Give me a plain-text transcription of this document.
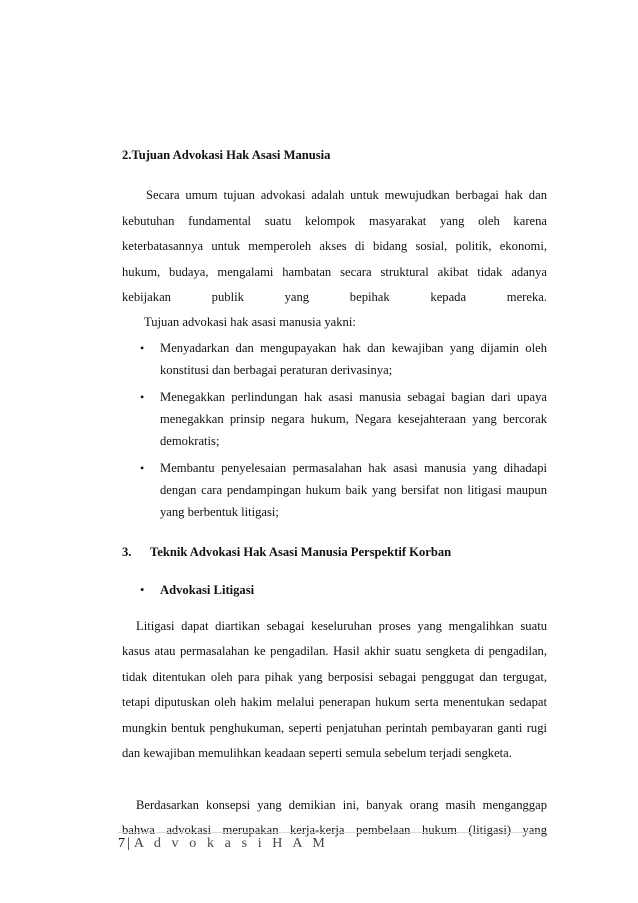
2.Tujuan Advokasi Hak Asasi Manusia

Secara umum tujuan advokasi adalah untuk mewujudkan berbagai hak dan kebutuhan fundamental suatu kelompok masyarakat yang oleh karena keterbatasannya untuk memperoleh akses di bidang sosial, politik, ekonomi, hukum, budaya, mengalami hambatan secara struktural akibat tidak adanya kebijakan publik yang bepihak kepada mereka.

Tujuan advokasi hak asasi manusia yakni:

• Menyadarkan dan mengupayakan hak dan kewajiban yang dijamin oleh konstitusi dan berbagai peraturan derivasinya;
• Menegakkan perlindungan hak asasi manusia sebagai bagian dari upaya menegakkan prinsip negara hukum, Negara kesejahteraan yang bercorak demokratis;
• Membantu penyelesaian permasalahan hak asasi manusia yang dihadapi dengan cara pendampingan hukum baik yang bersifat non litigasi maupun yang berbentuk litigasi;
3.	Teknik Advokasi Hak Asasi Manusia Perspektif Korban

• Advokasi Litigasi

Litigasi dapat diartikan sebagai keseluruhan proses yang mengalihkan suatu kasus atau permasalahan ke pengadilan. Hasil akhir suatu sengketa di pengadilan, tidak ditentukan oleh para pihak yang berposisi sebagai penggugat dan tergugat, tetapi diputuskan oleh hakim melalui penerapan hukum serta menentukan sedapat mungkin bentuk penghukuman, seperti penjatuhan perintah pembayaran ganti rugi dan kewajiban memulihkan keadaan seperti semula sebelum terjadi sengketa.

Berdasarkan konsepsi yang demikian ini, banyak orang masih menganggap bahwa advokasi merupakan kerja-kerja pembelaan hukum (litigasi) yang

7 | A d v o k a s i H A M
